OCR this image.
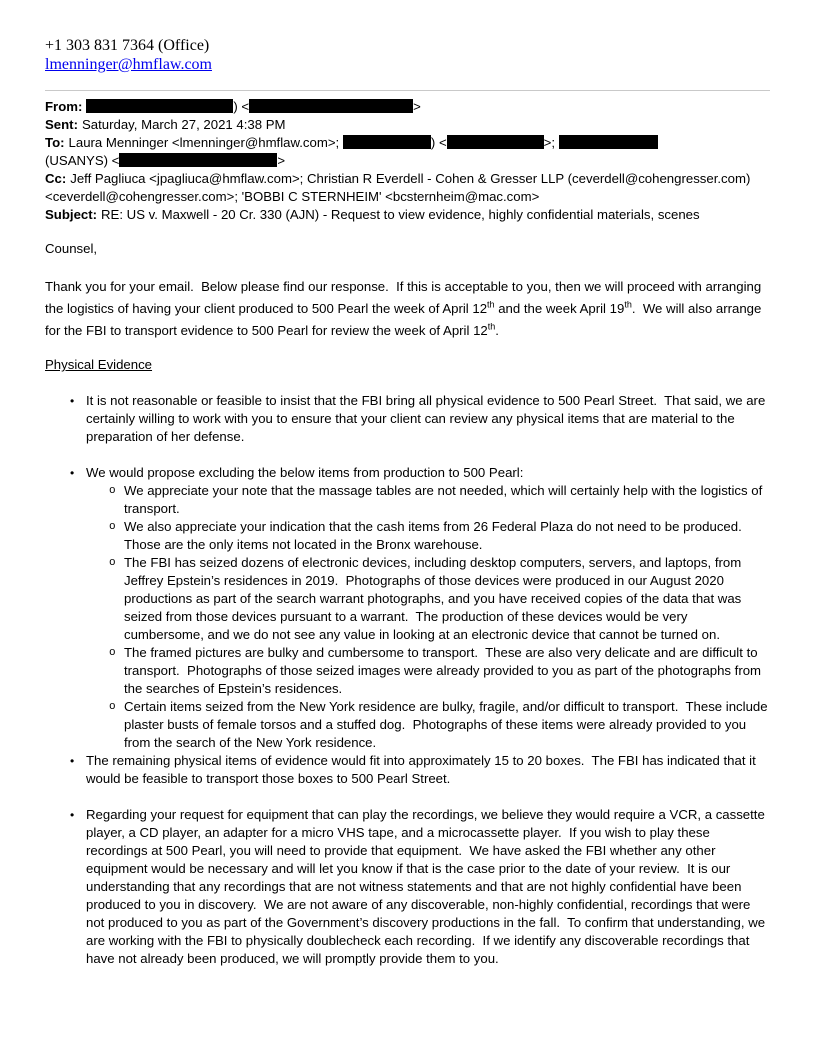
+1 303 831 7364 (Office)
lmenninger@hmflaw.com
From:	) <	>
Sent: Saturday, March 27, 2021 4:38 PM
To: Laura Menninger <lmenninger@hmflaw.com>;	) <	>;
(USANYS) <	>
Cc: Jeff Pagliuca <jpagliuca@hmflaw.com>; Christian R Everdell - Cohen & Gresser LLP (ceverdell@cohengresser.com) <ceverdell@cohengresser.com>; 'BOBBI C STERNHEIM' <bcsternheim@mac.com>
Subject: RE: US v. Maxwell - 20 Cr. 330 (AJN) - Request to view evidence, highly confidential materials, scenes
Counsel,
Thank you for your email.  Below please find our response.  If this is acceptable to you, then we will proceed with arranging the logistics of having your client produced to 500 Pearl the week of April 12th and the week April 19th.  We will also arrange for the FBI to transport evidence to 500 Pearl for review the week of April 12th.
Physical Evidence
• It is not reasonable or feasible to insist that the FBI bring all physical evidence to 500 Pearl Street.  That said, we are certainly willing to work with you to ensure that your client can review any physical items that are material to the preparation of her defense.
• We would propose excluding the below items from production to 500 Pearl:
o We appreciate your note that the massage tables are not needed, which will certainly help with the logistics of transport.
o We also appreciate your indication that the cash items from 26 Federal Plaza do not need to be produced.  Those are the only items not located in the Bronx warehouse.
o The FBI has seized dozens of electronic devices, including desktop computers, servers, and laptops, from Jeffrey Epstein’s residences in 2019.  Photographs of those devices were produced in our August 2020 productions as part of the search warrant photographs, and you have received copies of the data that was seized from those devices pursuant to a warrant.  The production of these devices would be very cumbersome, and we do not see any value in looking at an electronic device that cannot be turned on.
o The framed pictures are bulky and cumbersome to transport.  These are also very delicate and are difficult to transport.  Photographs of those seized images were already provided to you as part of the photographs from the searches of Epstein’s residences.
o Certain items seized from the New York residence are bulky, fragile, and/or difficult to transport.  These include plaster busts of female torsos and a stuffed dog.  Photographs of these items were already provided to you from the search of the New York residence.
• The remaining physical items of evidence would fit into approximately 15 to 20 boxes.  The FBI has indicated that it would be feasible to transport those boxes to 500 Pearl Street.
• Regarding your request for equipment that can play the recordings, we believe they would require a VCR, a cassette player, a CD player, an adapter for a micro VHS tape, and a microcassette player.  If you wish to play these recordings at 500 Pearl, you will need to provide that equipment.  We have asked the FBI whether any other equipment would be necessary and will let you know if that is the case prior to the date of your review.  It is our understanding that any recordings that are not witness statements and that are not highly confidential have been produced to you in discovery.  We are not aware of any discoverable, non-highly confidential, recordings that were not produced to you as part of the Government’s discovery productions in the fall.  To confirm that understanding, we are working with the FBI to physically doublecheck each recording.  If we identify any discoverable recordings that have not already been produced, we will promptly provide them to you.
